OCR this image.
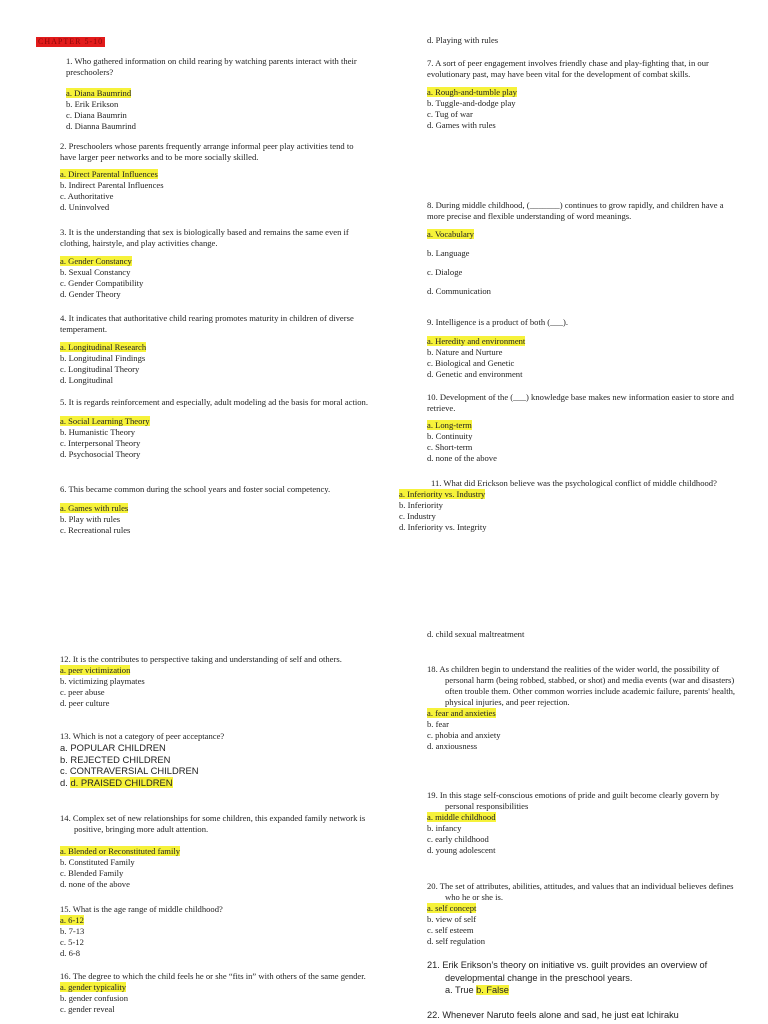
CHAPTER 5-10

1. Who gathered information on child rearing by watching parents interact with their preschoolers?

a. Diana Baumrind

b. Erik Erikson

c. Diana Baumrin

d. Dianna Baumrind

2. Preschoolers whose parents frequently arrange informal peer play activities tend to have larger peer networks and to be more socially skilled.

a. Direct Parental Influences

b. Indirect Parental Influences

c. Authoritative

d. Uninvolved

3. It is the understanding that sex is biologically based and remains the same even if clothing, hairstyle, and play activities change.

a. Gender Constancy

b. Sexual Constancy

c. Gender Compatibility

d. Gender Theory

4. It indicates that authoritative child rearing promotes maturity in children of diverse temperament.

a. Longitudinal Research

b. Longitudinal Findings

c. Longitudinal Theory

d. Longitudinal

5. It is regards reinforcement and especially, adult modeling ad the basis for moral action.

a. Social Learning Theory

b. Humanistic Theory

c. Interpersonal Theory

d. Psychosocial Theory

6. This became common during the school years and foster social competency.

a. Games with rules

b. Play with rules

c. Recreational rules

d. Playing with rules

7. A sort of peer engagement involves friendly chase and play-fighting that, in our evolutionary past, may have been vital for the development of combat skills.

a. Rough-and-tumble play

b. Tuggle-and-dodge play

c. Tug of war

d. Games with rules

8. During middle childhood, (_______) continues to grow rapidly, and children have a more precise and flexible understanding of word meanings.

a. Vocabulary

b. Language

c. Dialoge

d. Communication

9. Intelligence is a product of both (___).

a. Heredity and environment

b. Nature and Nurture

c. Biological and Genetic

d. Genetic and environment

10. Development of the (___) knowledge base makes new information easier to store and retrieve.

a. Long-term

b. Continuity

c. Short-term

d. none of the above

11. What did Erickson believe was the psychological conflict of middle childhood?

a. Inferiority vs. Industry

b. Inferiority

c. Industry

d. Inferiority vs. Integrity

12. It is the contributes to perspective taking and understanding of self and others.

a. peer victimization

b. victimizing playmates

c. peer abuse

d. peer culture

13. Which is not a category of peer acceptance?

a. POPULAR CHILDREN

b. REJECTED CHILDREN

c. CONTRAVERSIAL CHILDREN

d. d. PRAISED CHILDREN

14. Complex set of new relationships for some children, this expanded family network is positive, bringing more adult attention.

a. Blended or Reconstituted family

b. Constituted Family

c. Blended Family

d. none of the above

15. What is the age range of middle childhood?

a. 6-12

b. 7-13

c. 5-12

d. 6-8

16. The degree to which the child feels he or she “fits in” with others of the same gender.

a. gender typicality

b. gender confusion

c. gender reveal

d. child sexual maltreatment

18. As children begin to understand the realities of the wider world, the possibility of personal harm (being robbed, stabbed, or shot) and media events (war and disasters) often trouble them. Other common worries include academic failure, parents' health, physical injuries, and peer rejection.

a. fear and anxieties

b. fear

c. phobia and anxiety

d. anxiousness

19. In this stage self-conscious emotions of pride and guilt become clearly govern by personal responsibilities

a. middle childhood

b. infancy

c. early childhood

d. young adolescent

20. The set of attributes, abilities, attitudes, and values that an individual believes defines who he or she is.

a. self concept

b. view of self

c. self esteem

d. self regulation

21. Erik Erikson’s theory on initiative vs. guilt provides an overview of developmental change in the preschool years.

a. True b. False

22. Whenever Naruto feels alone and sad, he just eat Ichiraku
